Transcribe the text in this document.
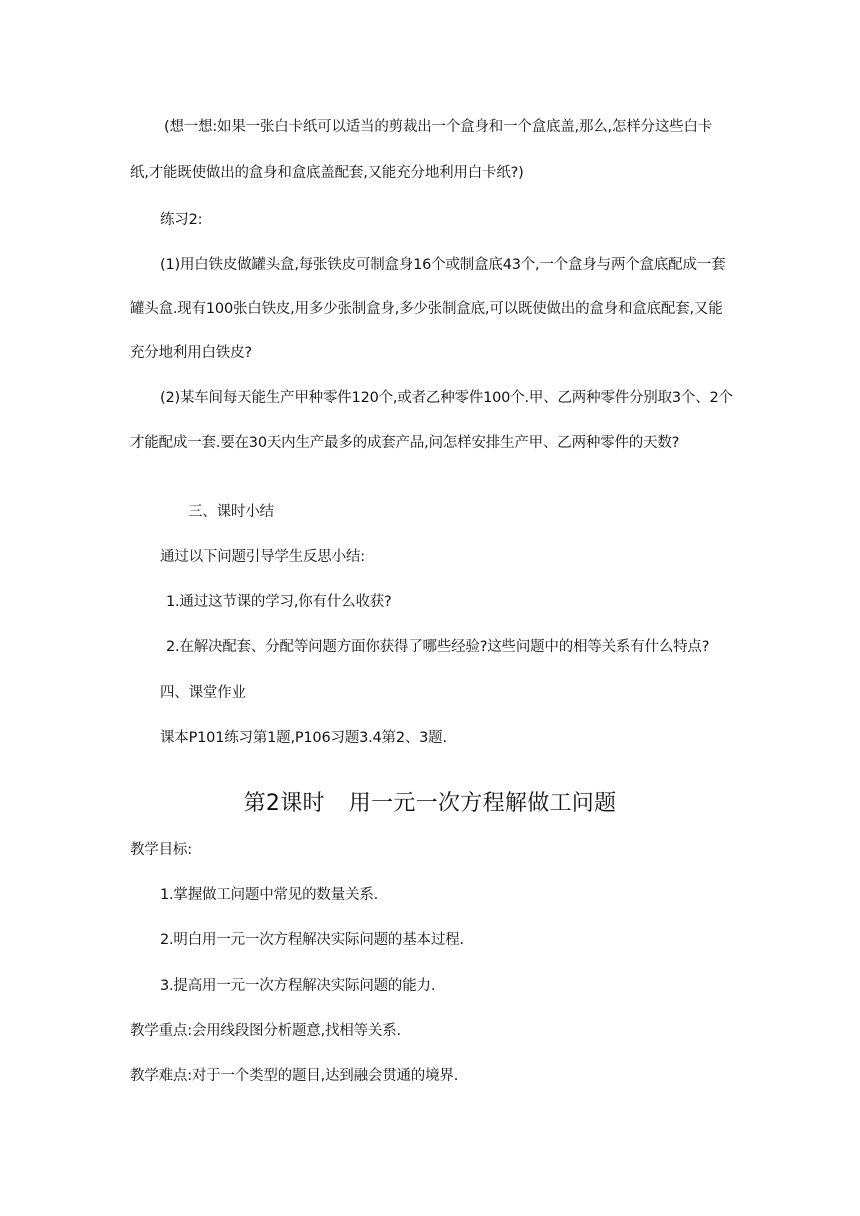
(想一想:如果一张白卡纸可以适当的剪裁出一个盒身和一个盒底盖,那么,怎样分这些白卡
纸,才能既使做出的盒身和盒底盖配套,又能充分地利用白卡纸?)
练习2:
(1)用白铁皮做罐头盒,每张铁皮可制盒身16个或制盒底43个,一个盒身与两个盒底配成一套
罐头盒.现有100张白铁皮,用多少张制盒身,多少张制盒底,可以既使做出的盒身和盒底配套,又能
充分地利用白铁皮?
(2)某车间每天能生产甲种零件120个,或者乙种零件100个.甲、乙两种零件分别取3个、2个
才能配成一套.要在30天内生产最多的成套产品,问怎样安排生产甲、乙两种零件的天数?
三、课时小结
通过以下问题引导学生反思小结:
1.通过这节课的学习,你有什么收获?
2.在解决配套、分配等问题方面你获得了哪些经验?这些问题中的相等关系有什么特点?
四、课堂作业
课本P101练习第1题,P106习题3.4第2、3题.
第2课时 用一元一次方程解做工问题
教学目标:
1.掌握做工问题中常见的数量关系.
2.明白用一元一次方程解决实际问题的基本过程.
3.提高用一元一次方程解决实际问题的能力.
教学重点:会用线段图分析题意,找相等关系.
教学难点:对于一个类型的题目,达到融会贯通的境界.
